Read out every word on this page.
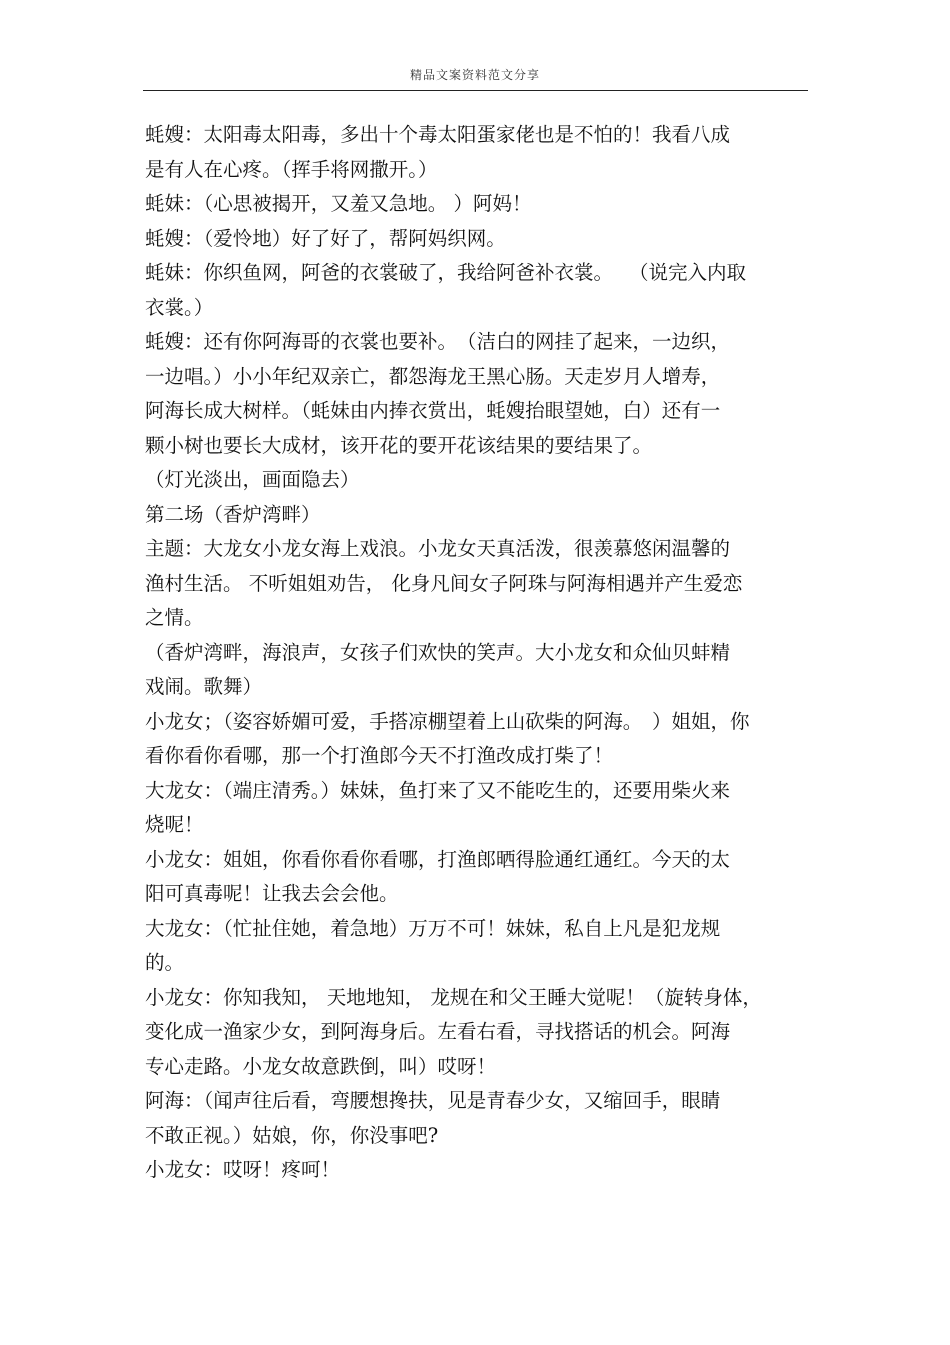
精品文案资料范文分享
蚝嫂：太阳毒太阳毒，多出十个毒太阳蛋家佬也是不怕的！我看八成
是有人在心疼。（挥手将网撒开。）
蚝妹：（心思被揭开，又羞又急地。 ）阿妈！
蚝嫂：（爱怜地）好了好了，帮阿妈织网。
蚝妹：你织鱼网，阿爸的衣裳破了，我给阿爸补衣裳。　 （说完入内取
衣裳。）
蚝嫂：还有你阿海哥的衣裳也要补。　（洁白的网挂了起来，一边织，
一边唱。）小小年纪双亲亡，都怨海龙王黑心肠。天走岁月人增寿，
阿海长成大树样。（蚝妹由内捧衣赏出，蚝嫂抬眼望她，白）还有一
颗小树也要长大成材，该开花的要开花该结果的要结果了。
（灯光淡出，画面隐去）
第二场（香炉湾畔）
主题：大龙女小龙女海上戏浪。小龙女天真活泼，很羡慕悠闲温馨的
渔村生活。 不听姐姐劝告， 化身凡间女子阿珠与阿海相遇并产生爱恋
之情。
（香炉湾畔，海浪声，女孩子们欢快的笑声。大小龙女和众仙贝蚌精
戏闹。歌舞）
小龙女；（姿容娇媚可爱，手搭凉棚望着上山砍柴的阿海。　）姐姐，你
看你看你看哪，那一个打渔郎今天不打渔改成打柴了！
大龙女：（端庄清秀。）妹妹，鱼打来了又不能吃生的，还要用柴火来
烧呢！
小龙女：姐姐，你看你看你看哪，打渔郎晒得脸通红通红。今天的太
阳可真毒呢！让我去会会他。
大龙女：（忙扯住她，着急地）万万不可！妹妹，私自上凡是犯龙规
的。
小龙女：你知我知， 天地地知， 龙规在和父王睡大觉呢！（旋转身体，
变化成一渔家少女，到阿海身后。左看右看，寻找搭话的机会。阿海
专心走路。小龙女故意跌倒，叫）哎呀！
阿海：（闻声往后看，弯腰想搀扶，见是青春少女，又缩回手，眼睛
不敢正视。）姑娘，你，你没事吧?
小龙女：哎呀！疼呵！
